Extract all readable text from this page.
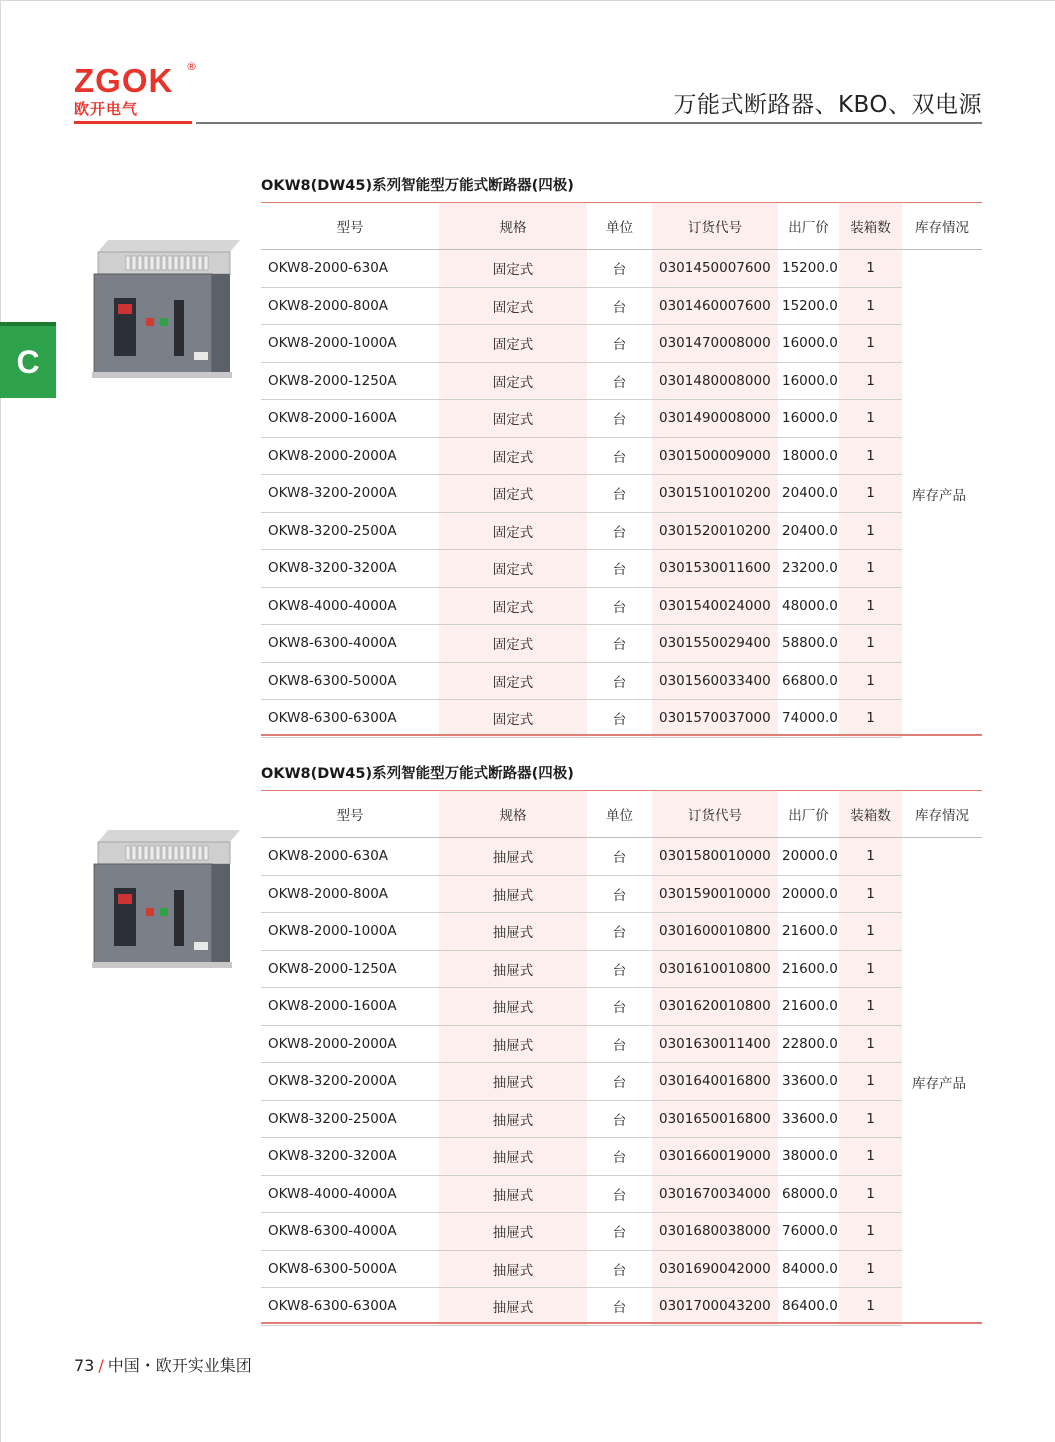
ZGOK	®
欧开电气	万能式断路器、KBO、双电源
C
OKW8(DW45)系列智能型万能式断路器(四极)
型号	规格	单位	订货代号	出厂价	装箱数	库存情况
OKW8-2000-630A	固定式	台	0301450007600	15200.0	1	库存产品
OKW8-2000-800A	固定式	台	0301460007600	15200.0	1	
OKW8-2000-1000A	固定式	台	0301470008000	16000.0	1	
OKW8-2000-1250A	固定式	台	0301480008000	16000.0	1	
OKW8-2000-1600A	固定式	台	0301490008000	16000.0	1	
OKW8-2000-2000A	固定式	台	0301500009000	18000.0	1	
OKW8-3200-2000A	固定式	台	0301510010200	20400.0	1	
OKW8-3200-2500A	固定式	台	0301520010200	20400.0	1	
OKW8-3200-3200A	固定式	台	0301530011600	23200.0	1	
OKW8-4000-4000A	固定式	台	0301540024000	48000.0	1	
OKW8-6300-4000A	固定式	台	0301550029400	58800.0	1	
OKW8-6300-5000A	固定式	台	0301560033400	66800.0	1	
OKW8-6300-6300A	固定式	台	0301570037000	74000.0	1	
OKW8(DW45)系列智能型万能式断路器(四极)
型号	规格	单位	订货代号	出厂价	装箱数	库存情况
OKW8-2000-630A	抽屉式	台	0301580010000	20000.0	1	库存产品
OKW8-2000-800A	抽屉式	台	0301590010000	20000.0	1	
OKW8-2000-1000A	抽屉式	台	0301600010800	21600.0	1	
OKW8-2000-1250A	抽屉式	台	0301610010800	21600.0	1	
OKW8-2000-1600A	抽屉式	台	0301620010800	21600.0	1	
OKW8-2000-2000A	抽屉式	台	0301630011400	22800.0	1	
OKW8-3200-2000A	抽屉式	台	0301640016800	33600.0	1	
OKW8-3200-2500A	抽屉式	台	0301650016800	33600.0	1	
OKW8-3200-3200A	抽屉式	台	0301660019000	38000.0	1	
OKW8-4000-4000A	抽屉式	台	0301670034000	68000.0	1	
OKW8-6300-4000A	抽屉式	台	0301680038000	76000.0	1	
OKW8-6300-5000A	抽屉式	台	0301690042000	84000.0	1	
OKW8-6300-6300A	抽屉式	台	0301700043200	86400.0	1	
73 / 中国・欧开实业集团
